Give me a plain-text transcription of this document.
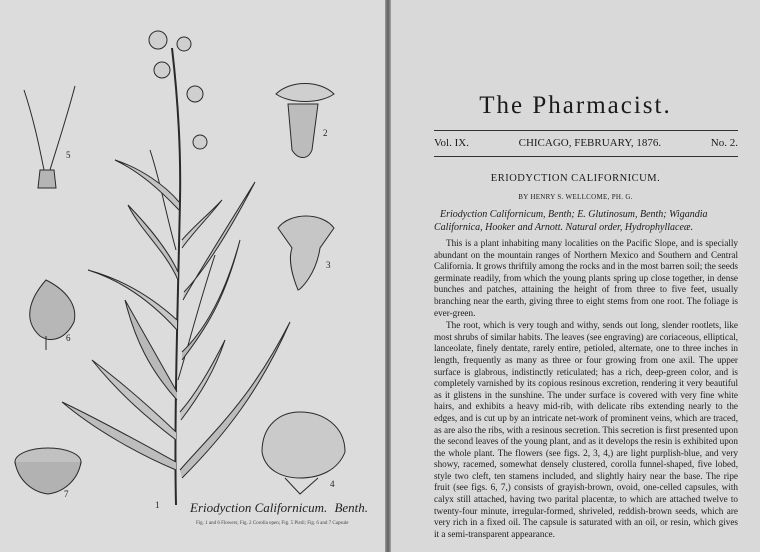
5
2
3
6
7
1
4
Eriodyction Californicum. Benth.
Fig. 1 and 6 Flowers; Fig. 2 Corolla open; Fig. 5 Pistil; Fig. 6 and 7 Capsule
The Pharmacist.
Vol. IX.	CHICAGO, FEBRUARY, 1876.	No. 2.
ERIODYCTION CALIFORNICUM.
BY HENRY S. WELLCOME, PH. G.
Eriodyction Californicum, Benth; E. Glutinosum, Benth; Wigandia Californica, Hooker and Arnott. Natural order, Hydrophyllaceæ.

This is a plant inhabiting many localities on the Pacific Slope, and is specially abundant on the mountain ranges of Northern Mexico and Southern and Central California. It grows thriftily among the rocks and in the most barren soil; the seeds germinate readily, from which the young plants spring up close together, in dense bunches and patches, attaining the height of from three to five feet, usually branching near the earth, giving three to eight stems from one root. The foliage is ever-green.

The root, which is very tough and withy, sends out long, slender rootlets, like most shrubs of similar habits. The leaves (see engraving) are coriaceous, elliptical, lanceolate, finely dentate, rarely entire, petioled, alternate, one to three inches in length, frequently as many as three or four growing from one axil. The upper surface is glabrous, indistinctly reticulated; has a rich, deep-green color, and is completely varnished by its copious resinous excretion, rendering it very beautiful as it glistens in the sunshine. The under surface is covered with very fine white hairs, and exhibits a heavy mid-rib, with delicate ribs extending nearly to the edges, and is cut up by an intricate net-work of prominent veins, which are traced, as are also the ribs, with a resinous secretion. This secretion is first presented upon the second leaves of the young plant, and as it develops the resin is exhibited upon the whole plant. The flowers (see figs. 2, 3, 4,) are light purplish-blue, and very showy, racemed, somewhat densely clustered, corolla funnel-shaped, five lobed, style two cleft, ten stamens included, and slightly hairy near the base. The ripe fruit (see figs. 6, 7,) consists of grayish-brown, ovoid, one-celled capsules, with calyx still attached, having two parital placentæ, to which are attached twelve to twenty-four minute, irregular-formed, shriveled, reddish-brown seeds, which are very rich in a fixed oil. The capsule is saturated with an oil, or resin, which gives it a semi-transparent appearance.
